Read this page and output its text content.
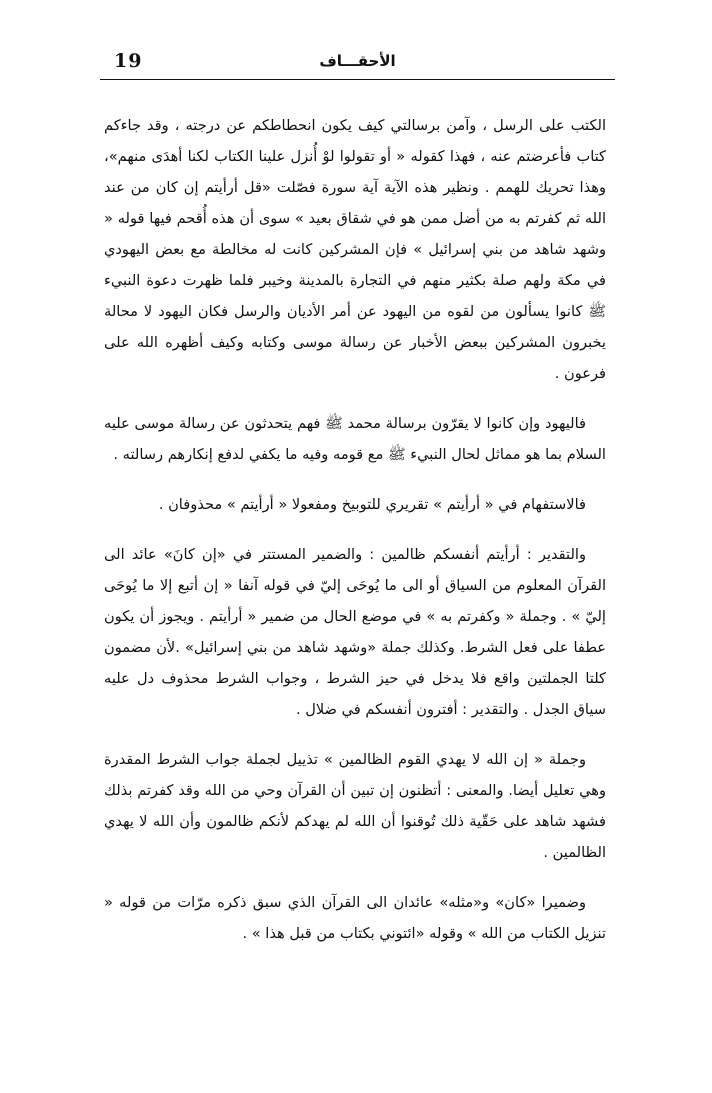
19	الأحقـــاف

الكتب على الرسل ، وآمن برسالتي كيف يكون انحطاطكم عن درجته ، وقد جاءكم كتاب فأعرضتم عنه ، فهذا كقوله « أو تقولوا لوْ أُنزل علينا الكتاب لكنا أهدَى منهم»، وهذا تحريك للهمم . ونظير هذه الآية آية سورة فصّلت «قل أرأيتم إن كان من عند الله ثم كفرتم به من أضل ممن هو في شقاق بعيد » سوى أن هذه أُقحم فيها قوله « وشهد شاهد من بني إسرائيل » فإن المشركين كانت له مخالطة مع بعض اليهودي في مكة ولهم صلة بكثير منهم في التجارة بالمدينة وخيبر فلما ظهرت دعوة النبيء ﷺ كانوا يسألون من لقوه من اليهود عن أمر الأديان والرسل فكان اليهود لا محالة يخبرون المشركين ببعض الأخبار عن رسالة موسى وكتابه وكيف أظهره الله على فرعون .

فاليهود وإن كانوا لا يقرّون برسالة محمد ﷺ فهم يتحدثون عن رسالة موسى عليه السلام بما هو مماثل لحال النبيء ﷺ مع قومه وفيه ما يكفي لدفع إنكارهم رسالته .

فالاستفهام في « أرأيتم » تقريري للتوبيخ ومفعولا « أرأيتم » محذوفان .

والتقدير : أرأيتم أنفسكم ظالمين : والضمير المستتر في «إن كانَ» عائد الى القرآن المعلوم من السياق أو الى ما يُوحَى إليّ في قوله آنفا « إن أتبع إلا ما يُوحَى إليّ » . وجملة « وكفرتم به » في موضع الحال من ضمير « أرأيتم . ويجوز أن يكون عطفا على فعل الشرط. وكذلك جملة «وشهد شاهد من بني إسرائيل» .لأن مضمون كلتا الجملتين واقع فلا يدخل في حيز الشرط ، وجواب الشرط محذوف دل عليه سياق الجدل . والتقدير : أفترون أنفسكم في ضلال .

وجملة « إن الله لا يهدي القوم الظالمين » تذييل لجملة جواب الشرط المقدرة وهي تعليل أيضا. والمعنى : أتظنون إن تبين أن القرآن وحي من الله وقد كفرتم بذلك فشهد شاهد على حَقّية ذلك تُوقنوا أن الله لم يهدكم لأنكم ظالمون وأن الله لا يهدي الظالمين .

وضميرا «كان» و«مثله» عائدان الى القرآن الذي سبق ذكره مرّات من قوله « تنزيل الكتاب من الله » وقوله «ائتوني بكتاب من قبل هذا » .
